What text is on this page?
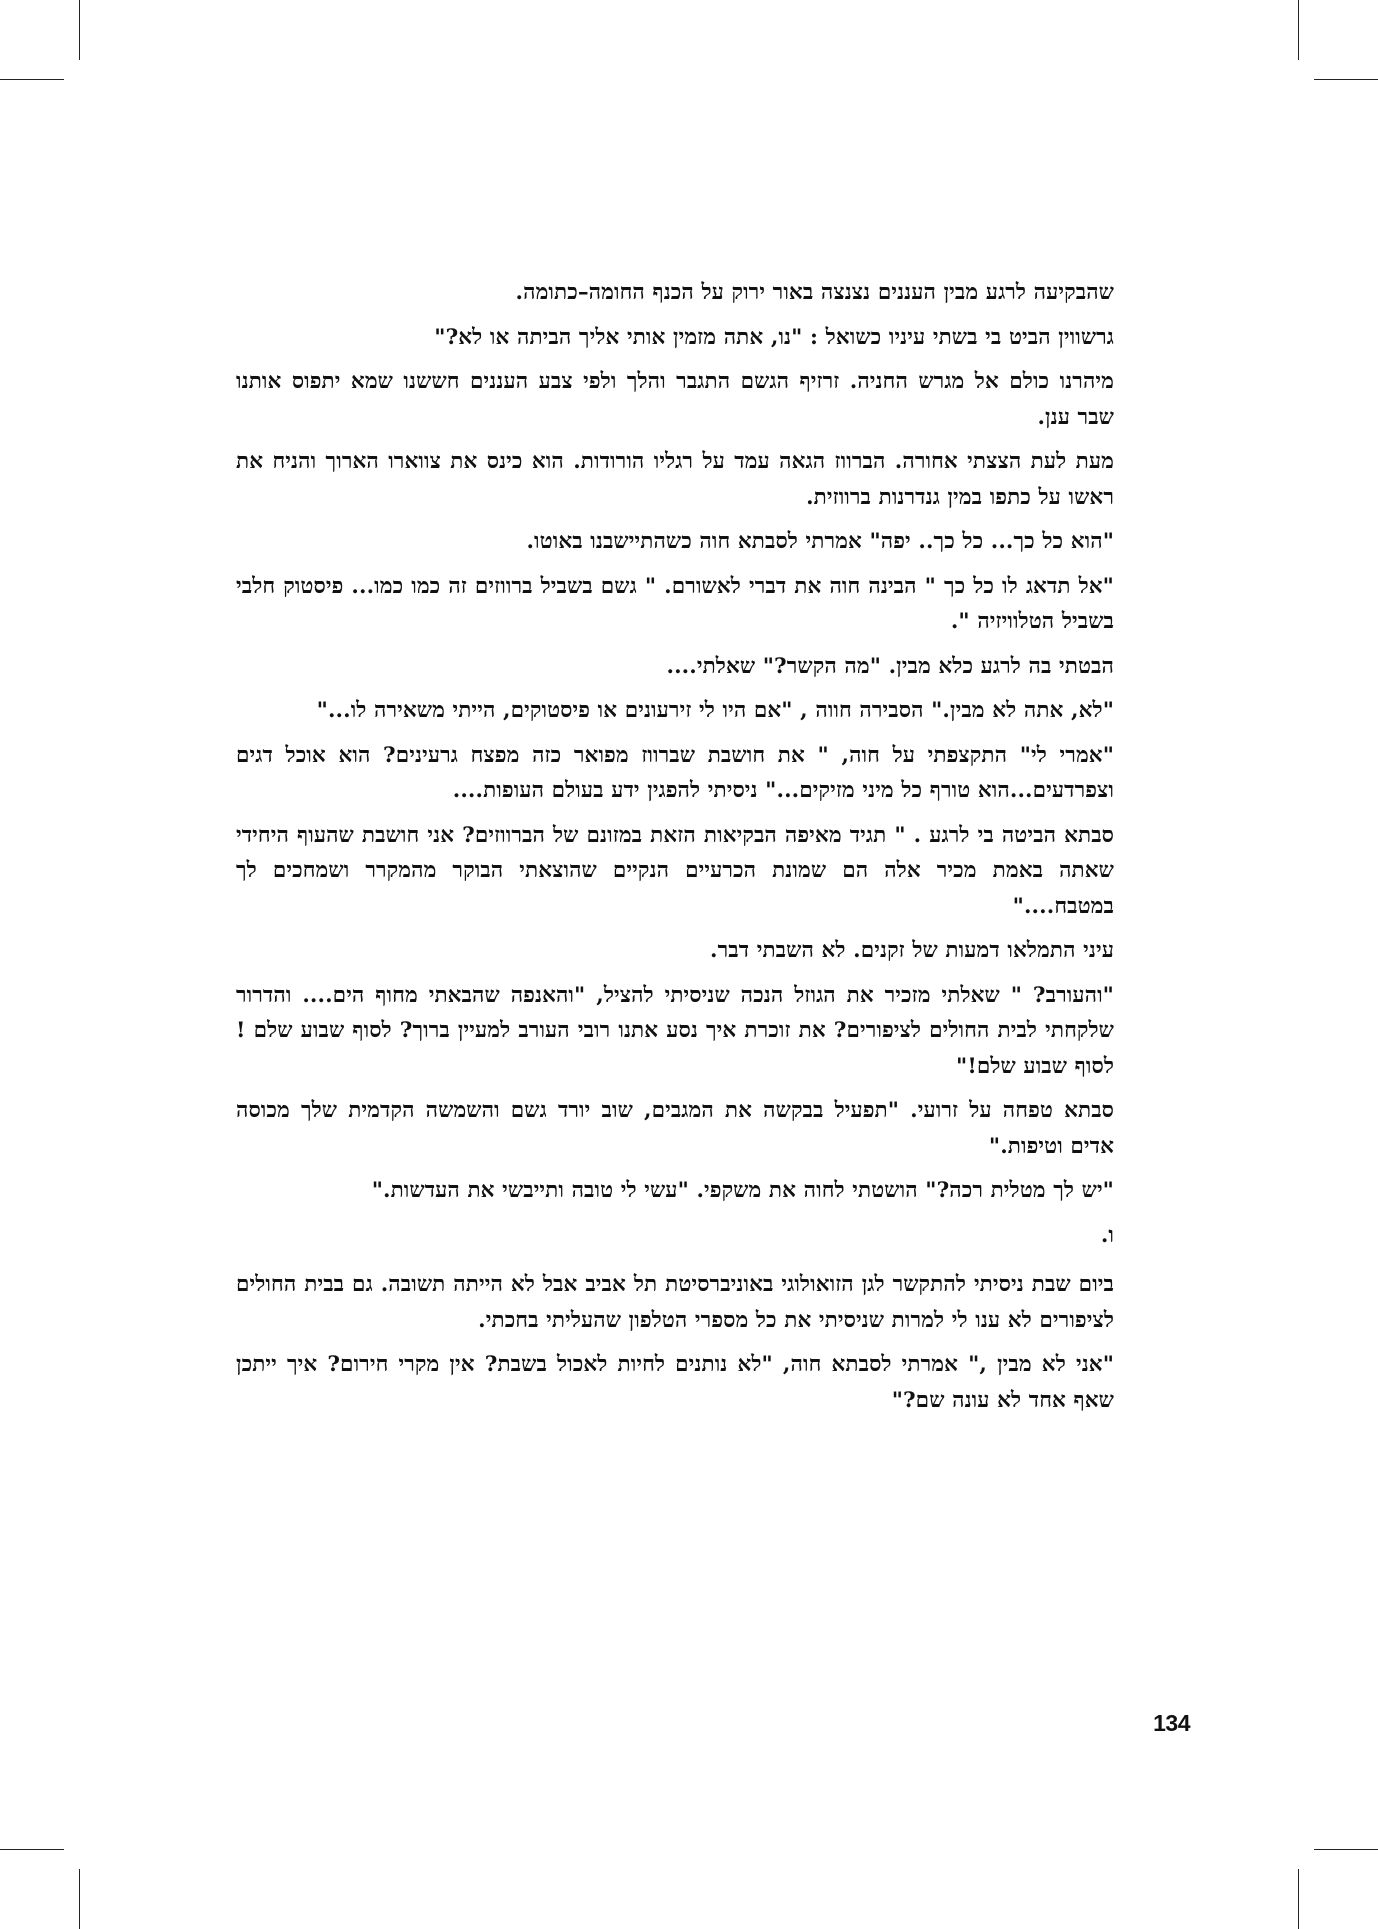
שהבקיעה לרגע מבין העננים נצנצה באור ירוק על הכנף החומה–כתומה.

גרשווין הביט בי בשתי עיניו כשואל : "נו, אתה מזמין אותי אליך הביתה או לא?"

מיהרנו כולם אל מגרש החניה. זרזיף הגשם התגבר והלך ולפי צבע העננים חששנו שמא יתפוס אותנו שבר ענן.

מעת לעת הצצתי אחורה. הברווז הגאה עמד על רגליו הורודות. הוא כינס את צווארו הארוך והניח את ראשו על כתפו במין גנדרנות ברווזית.

"הוא כל כך... כל כך.. יפה" אמרתי לסבתא חוה כשהתיישבנו באוטו.

"אל תדאג לו כל כך " הבינה חוה את דברי לאשורם. " גשם בשביל ברווזים זה כמו כמו... פיסטוק חלבי בשביל הטלוויזיה ".

הבטתי בה לרגע כלא מבין. "מה הקשר?" שאלתי....

"לא, אתה לא מבין." הסבירה חווה , "אם היו לי זירעונים או פיסטוקים, הייתי משאירה לו..."

"אמרי לי" התקצפתי על חוה, " את חושבת שברווז מפואר כזה מפצח גרעינים? הוא אוכל דגים וצפרדעים...הוא טורף כל מיני מזיקים..." ניסיתי להפגין ידע בעולם העופות....

סבתא הביטה בי לרגע . " תגיד מאיפה הבקיאות הזאת במזונם של הברווזים? אני חושבת שהעוף היחידי שאתה באמת מכיר אלה הם שמונת הכרעיים הנקיים שהוצאתי הבוקר מהמקרר ושמחכים לך במטבח...."

עיני התמלאו דמעות של זקנים. לא השבתי דבר.

"והעורב? " שאלתי מזכיר את הגוזל הנכה שניסיתי להציל, "והאנפה שהבאתי מחוף הים.... והדרור שלקחתי לבית החולים לציפורים? את זוכרת איך נסע אתנו רובי העורב למעיין ברוך? לסוף שבוע שלם ! לסוף שבוע שלם!"

סבתא טפחה על זרועי. "תפעיל בבקשה את המגבים, שוב יורד גשם והשמשה הקדמית שלך מכוסה אדים וטיפות."

"יש לך מטלית רכה?" הושטתי לחוה את משקפי. "עשי לי טובה ותייבשי את העדשות."

ו.

ביום שבת ניסיתי להתקשר לגן הזואולוגי באוניברסיטת תל אביב אבל לא הייתה תשובה. גם בבית החולים לציפורים לא ענו לי למרות שניסיתי את כל מספרי הטלפון שהעליתי בחכתי.

"אני לא מבין ," אמרתי לסבתא חוה, "לא נותנים לחיות לאכול בשבת? אין מקרי חירום? איך ייתכן שאף אחד לא עונה שם?"

134
